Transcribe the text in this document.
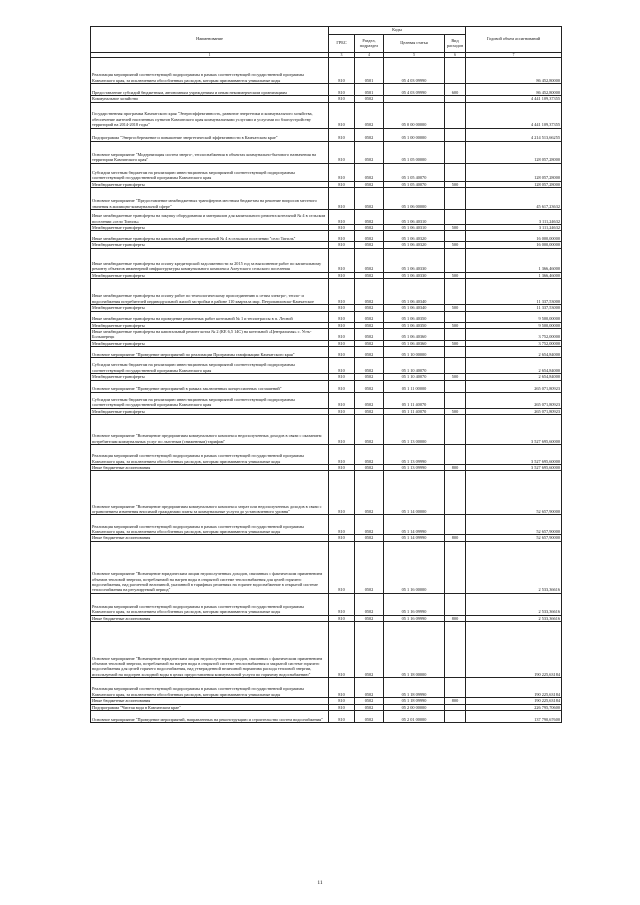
Наименование	Коды				Годовой объем ассигнований
	ГРБС	Раздел, подраздел	Целевая статья	Вид расходов	
1	3	4	5	6	7
Реализация мероприятий соответствующей подпрограммы в рамках соответствующей государственной программы Камчатского края, за исключением обособленных расходов, которым присваиваются уникальные коды	810	0501	05 4 03 09990		86 452,80000
Предоставление субсидий бюджетным, автономным учреждениям и иным некоммерческим организациям	810	0501	05 4 03 09990	600	86 452,80000
Коммунальное хозяйство	810	0502			4 441 109,37355
Государственная программа Камчатского края "Энергоэффективность, развитие энергетики и коммунального хозяйства, обеспечение жителей населенных пунктов Камчатского края коммунальными услугами и услугами по благоустройству территорий на 2014-2018 годы"	810	0502	05 0 00 00000		4 441 109,37355
Подпрограмма "Энергосбережение и повышение энергетической эффективности в Камчатском крае"	810	0502	05 1 00 00000		4 214 513,66255
Основное мероприятие "Модернизация систем энерго-, теплоснабжения в объектах коммунально-бытового назначения на территории Камчатского края"	810	0502	05 1 05 00000		128 057,28000
Субсидии местным бюджетам на реализацию инвестиционных мероприятий соответствующей подпрограммы соответствующей государственной программы Камчатского края	810	0502	05 1 05 40070		128 057,28000
Межбюджетные трансферты	810	0502	05 1 05 40070	500	128 057,28000
Основное мероприятие "Предоставление межбюджетных трансфертов местным бюджетам на решение вопросов местного значения в жилищно-коммунальной сфере"	810	0502	05 1 06 00000		45 617,23632
Иные межбюджетные трансферты на закупку оборудования и материалов для капитального ремонта котельной № 4 в сельском поселении «село Тигиль»	810	0502	05 1 06 40310		3 111,24632
Межбюджетные трансферты	810	0502	05 1 06 40310	500	3 111,24632
Иные межбюджетные трансферты на капитальный ремонт котельной № 4 в сельском поселении "село Тигиль"	810	0502	05 1 06 40320		16 000,00000
Межбюджетные трансферты	810	0502	05 1 06 40320	500	16 000,00000
Иные межбюджетные трансферты на оплату кредиторской задолженности за 2015 год за выполнение работ по капитальному ремонту объектов инженерной инфраструктуры коммунального комплекса Алеутского сельского поселения	810	0502	05 1 06 40330		1 366,46000
Межбюджетные трансферты	810	0502	05 1 06 40330	500	1 366,46000
Иные межбюджетные трансферты на оплату работ по технологическому присоединению к сетям электро-, тепло- и водоснабжения потребителей индивидуальной жилой застройки в районе 110 квартала мкр. Петропавловско-Камчатское	810	0502	05 1 06 40340		11 337,53000
Межбюджетные трансферты	810	0502	05 1 06 40340	500	11 337,53000
Иные межбюджетные трансферты на проведение ремонтных работ котельной № 1 и теплотрассы в п. Лесной	810	0502	05 1 06 40350		9 500,00000
Межбюджетные трансферты	810	0502	05 1 06 40350	500	9 500,00000
Иные межбюджетные трансферты на капитальный ремонт котла № 2 (КЕ 6,5 14С) на котельной «Центральная» с. Усть-Большерецк	810	0502	05 1 06 40360		3 752,00000
Межбюджетные трансферты	810	0502	05 1 06 40360	500	3 752,00000
Основное мероприятие "Проведение мероприятий по реализации Программы газификации Камчатского края"	810	0502	05 1 10 00000		2 654,84000
Субсидии местным бюджетам на реализацию инвестиционных мероприятий соответствующей подпрограммы соответствующей государственной программы Камчатского края	810	0502	05 1 10 40070		2 654,84000
Межбюджетные трансферты	810	0502	05 1 10 40070	500	2 654,84000
Основное мероприятие "Проведение мероприятий в рамках заключенных концессионных соглашений"	810	0502	05 1 11 00000		265 071,80923
Субсидии местным бюджетам на реализацию инвестиционных мероприятий соответствующей подпрограммы соответствующей государственной программы Камчатского края	810	0502	05 1 11 40070		265 071,80923
Межбюджетные трансферты	810	0502	05 1 11 40070	500	265 071,80923
Основное мероприятие "Возмещение предприятиям коммунального комплекса недополученных доходов в связи с оказанием потребителям коммунальных услуг по льготным (сниженным) тарифам"	810	0502	05 1 13 00000		3 527 695,60000
Реализация мероприятий соответствующей подпрограммы в рамках соответствующей государственной программы Камчатского края, за исключением обособленных расходов, которым присваиваются уникальные коды	810	0502	05 1 13 09990		3 527 695,60000
Иные бюджетные ассигнования	810	0502	05 1 13 09990	800	3 527 695,60000
Основное мероприятие "Возмещение предприятиям коммунального комплекса затрат или недополученных доходов в связи с ограничением изменения вносимой гражданами платы за коммунальные услуги до установленного уровня"	810	0502	05 1 14 00000		52 657,90000
Реализация мероприятий соответствующей подпрограммы в рамках соответствующей государственной программы Камчатского края, за исключением обособленных расходов, которым присваиваются уникальные коды	810	0502	05 1 14 09990		52 657,90000
Иные бюджетные ассигнования	810	0502	05 1 14 09990	800	52 657,90000
Основное мероприятие "Возмещение юридическим лицам недополученных доходов, связанных с фактическим применением объемов тепловой энергии, потребляемой на нагрев воды в открытой системе теплоснабжения для целей горячего водоснабжения, над расчетной величиной, указанной в тарифных решениях на горячее водоснабжение в открытой системе теплоснабжения на регулируемый период"	810	0502	05 1 16 00000		2 533,36616
Реализация мероприятий соответствующей подпрограммы в рамках соответствующей государственной программы Камчатского края, за исключением обособленных расходов, которым присваиваются уникальные коды	810	0502	05 1 16 09990		2 533,36616
Иные бюджетные ассигнования	810	0502	05 1 16 09990	800	2 533,36616
Основное мероприятие "Возмещение юридическим лицам недополученных доходов, связанных с фактическим применением объемов тепловой энергии, потребляемой на нагрев воды в открытой системе теплоснабжения и закрытой системе горячего водоснабжения для целей горячего водоснабжения, над утвержденной величиной норматива расхода тепловой энергии, используемой на подогрев холодной воды в целях предоставления коммунальной услуги по горячему водоснабжению"	810	0502	05 1 18 00000		190 225,63184
Реализация мероприятий соответствующей подпрограммы в рамках соответствующей государственной программы Камчатского края, за исключением обособленных расходов, которым присваиваются уникальные коды	810	0502	05 1 18 09990		190 225,63184
Иные бюджетные ассигнования	810	0502	05 1 18 09990	800	190 225,63184
Подпрограмма "Чистая вода в Камчатском крае"	810	0502	05 2 00 00000		226 795,70600
Основное мероприятие "Проведение мероприятий, направленных на реконструкцию и строительство систем водоснабжения"	810	0502	05 2 01 00000		137 790,67600
11
